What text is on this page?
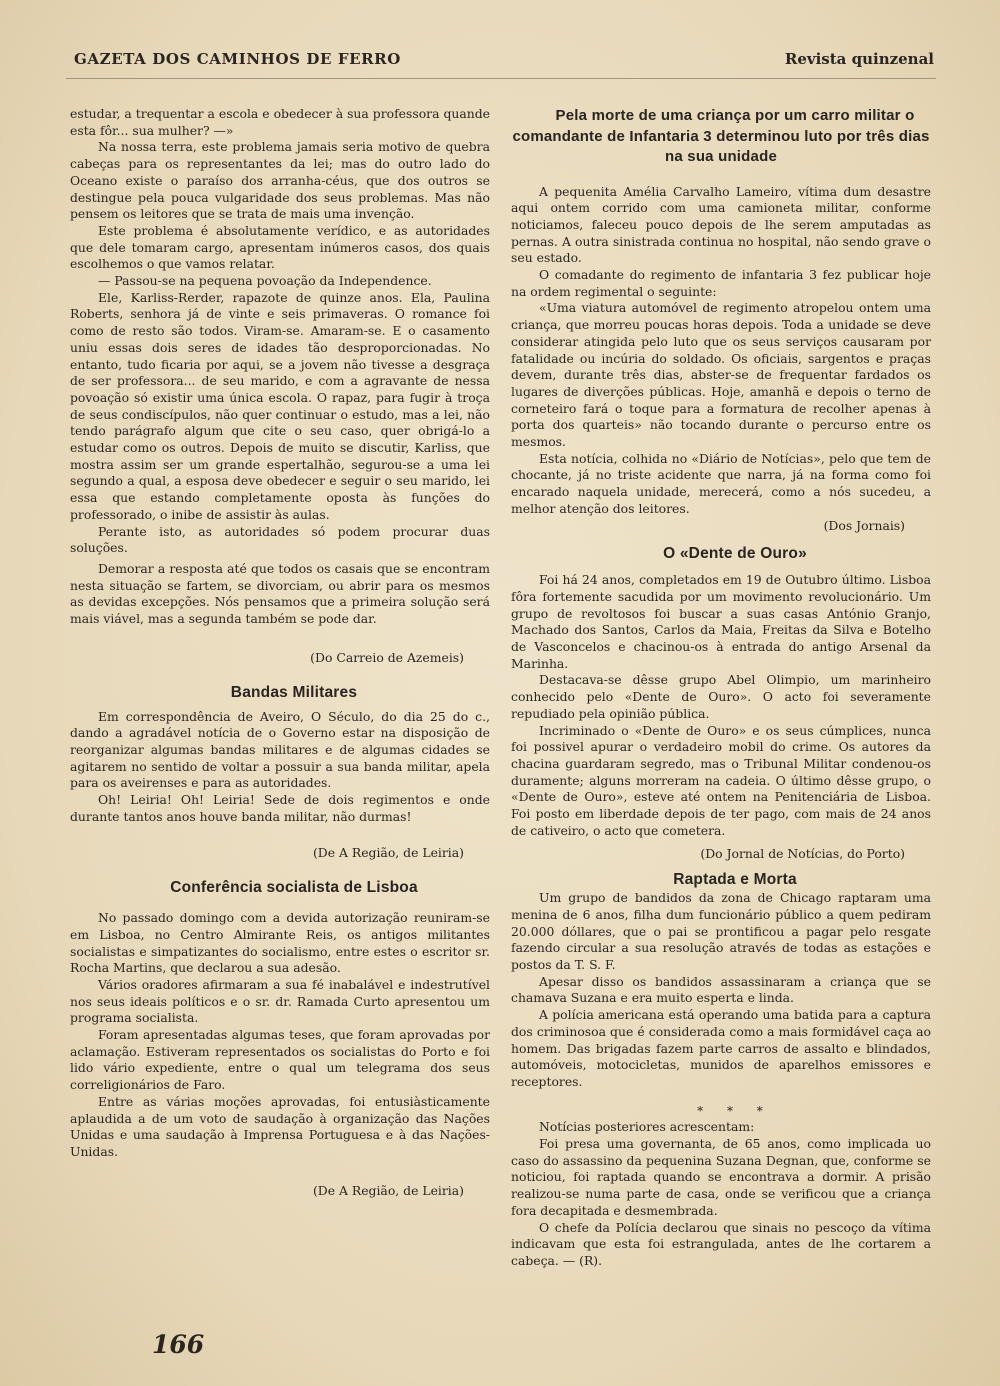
GAZETA DOS CAMINHOS DE FERRO	Revista quinzenal

estudar, a trequentar a escola e obedecer à sua professora quande esta fôr... sua mulher? —»

Na nossa terra, este problema jamais seria motivo de quebra cabeças para os representantes da lei; mas do outro lado do Oceano existe o paraíso dos arranha-céus, que dos outros se destingue pela pouca vulgaridade dos seus problemas. Mas não pensem os leitores que se trata de mais uma invenção.

Este problema é absolutamente verídico, e as autoridades que dele tomaram cargo, apresentam inúmeros casos, dos quais escolhemos o que vamos relatar.

— Passou-se na pequena povoação da Independence.

Ele, Karliss-Rerder, rapazote de quinze anos. Ela, Paulina Roberts, senhora já de vinte e seis primaveras. O romance foi como de resto são todos. Viram-se. Amaram-se. E o casamento uniu essas dois seres de idades tão desproporcionadas. No entanto, tudo ficaria por aqui, se a jovem não tivesse a desgraça de ser professora... de seu marido, e com a agravante de nessa povoação só existir uma única escola. O rapaz, para fugir à troça de seus condiscípulos, não quer continuar o estudo, mas a lei, não tendo parágrafo algum que cite o seu caso, quer obrigá-lo a estudar como os outros. Depois de muito se discutir, Karliss, que mostra assim ser um grande espertalhão, segurou-se a uma lei segundo a qual, a esposa deve obedecer e seguir o seu marido, lei essa que estando completamente oposta às funções do professorado, o inibe de assistir às aulas.

Perante isto, as autoridades só podem procurar duas soluções.

Demorar a resposta até que todos os casais que se encontram nesta situação se fartem, se divorciam, ou abrir para os mesmos as devidas excepções. Nós pensamos que a primeira solução será mais viável, mas a segunda também se pode dar.

(Do Carreio de Azemeis)

Bandas Militares

Em correspondência de Aveiro, O Século, do dia 25 do c., dando a agradável notícia de o Governo estar na disposição de reorganizar algumas bandas militares e de algumas cidades se agitarem no sentido de voltar a possuir a sua banda militar, apela para os aveirenses e para as autoridades.

Oh! Leiria! Oh! Leiria! Sede de dois regimentos e onde durante tantos anos houve banda militar, não durmas!

(De A Região, de Leiria)

Conferência socialista de Lisboa

No passado domingo com a devida autorização reuniram-se em Lisboa, no Centro Almirante Reis, os antigos militantes socialistas e simpatizantes do socialismo, entre estes o escritor sr. Rocha Martins, que declarou a sua adesão.

Vários oradores afirmaram a sua fé inabalável e indestrutível nos seus ideais políticos e o sr. dr. Ramada Curto apresentou um programa socialista.

Foram apresentadas algumas teses, que foram aprovadas por aclamação. Estiveram representados os socialistas do Porto e foi lido vário expediente, entre o qual um telegrama dos seus correligionários de Faro.

Entre as várias moções aprovadas, foi entusiàsticamente aplaudida a de um voto de saudação à organização das Nações Unidas e uma saudação à Imprensa Portuguesa e à das Nações-Unidas.

(De A Região, de Leiria)

Pela morte de uma criança por um carro militar o comandante de Infantaria 3 determinou luto por três dias na sua unidade

A pequenita Amélia Carvalho Lameiro, vítima dum desastre aqui ontem corrido com uma camioneta militar, conforme noticiamos, faleceu pouco depois de lhe serem amputadas as pernas. A outra sinistrada continua no hospital, não sendo grave o seu estado.

O comadante do regimento de infantaria 3 fez publicar hoje na ordem regimental o seguinte:

«Uma viatura automóvel de regimento atropelou ontem uma criança, que morreu poucas horas depois. Toda a unidade se deve considerar atingida pelo luto que os seus serviços causaram por fatalidade ou incúria do soldado. Os oficiais, sargentos e praças devem, durante três dias, abster-se de frequentar fardados os lugares de diverções públicas. Hoje, amanhã e depois o terno de corneteiro fará o toque para a formatura de recolher apenas à porta dos quarteis» não tocando durante o percurso entre os mesmos.

Esta notícia, colhida no «Diário de Notícias», pelo que tem de chocante, já no triste acidente que narra, já na forma como foi encarado naquela unidade, merecerá, como a nós sucedeu, a melhor atenção dos leitores.

(Dos Jornais)

O «Dente de Ouro»

Foi há 24 anos, completados em 19 de Outubro último. Lisboa fôra fortemente sacudida por um movimento revolucionário. Um grupo de revoltosos foi buscar a suas casas António Granjo, Machado dos Santos, Carlos da Maia, Freitas da Silva e Botelho de Vasconcelos e chacinou-os à entrada do antigo Arsenal da Marinha.

Destacava-se dêsse grupo Abel Olimpio, um marinheiro conhecido pelo «Dente de Ouro». O acto foi severamente repudiado pela opinião pública.

Incriminado o «Dente de Ouro» e os seus cúmplices, nunca foi possivel apurar o verdadeiro mobil do crime. Os autores da chacina guardaram segredo, mas o Tribunal Militar condenou-os duramente; alguns morreram na cadeia. O último dêsse grupo, o «Dente de Ouro», esteve até ontem na Penitenciária de Lisboa. Foi posto em liberdade depois de ter pago, com mais de 24 anos de cativeiro, o acto que cometera.

(Do Jornal de Notícias, do Porto)

Raptada e Morta

Um grupo de bandidos da zona de Chicago raptaram uma menina de 6 anos, filha dum funcionário público a quem pediram 20.000 dóllares, que o pai se prontificou a pagar pelo resgate fazendo circular a sua resolução através de todas as estações e postos da T. S. F.

Apesar disso os bandidos assassinaram a criança que se chamava Suzana e era muito esperta e linda.

A polícia americana está operando uma batida para a captura dos criminosoa que é considerada como a mais formidável caça ao homem. Das brigadas fazem parte carros de assalto e blindados, automóveis, motocicletas, munidos de aparelhos emissores e receptores.

* * *

Notícias posteriores acrescentam:

Foi presa uma governanta, de 65 anos, como implicada uo caso do assassino da pequenina Suzana Degnan, que, conforme se noticiou, foi raptada quando se encontrava a dormir. A prisão realizou-se numa parte de casa, onde se verificou que a criança fora decapitada e desmembrada.

O chefe da Polícia declarou que sinais no pescoço da vítima indicavam que esta foi estrangulada, antes de lhe cortarem a cabeça. — (R).

166
